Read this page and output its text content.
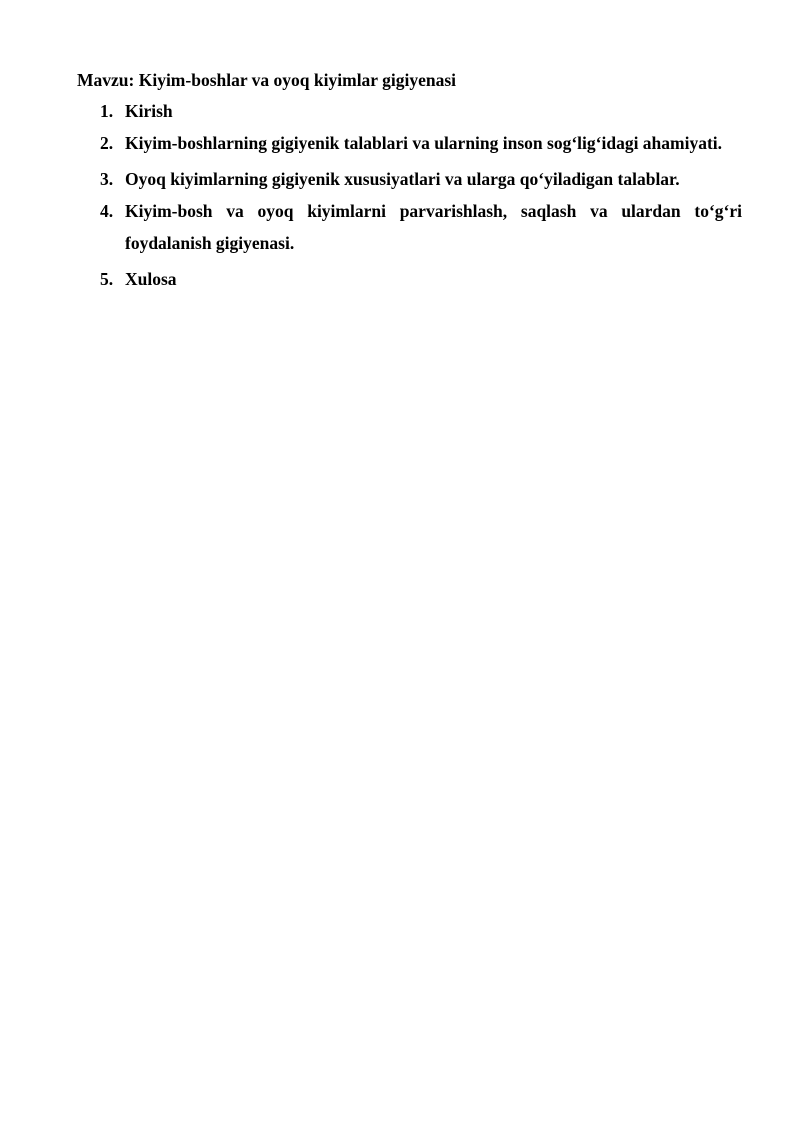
Mavzu: Kiyim-boshlar va oyoq kiyimlar gigiyenasi

1. Kirish
2. Kiyim-boshlarning gigiyenik talablari va ularning inson sog‘lig‘idagi ahamiyati.
3. Oyoq kiyimlarning gigiyenik xususiyatlari va ularga qo‘yiladigan talablar.
4. Kiyim-bosh va oyoq kiyimlarni parvarishlash, saqlash va ulardan to‘g‘ri foydalanish gigiyenasi.
5. Xulosa
